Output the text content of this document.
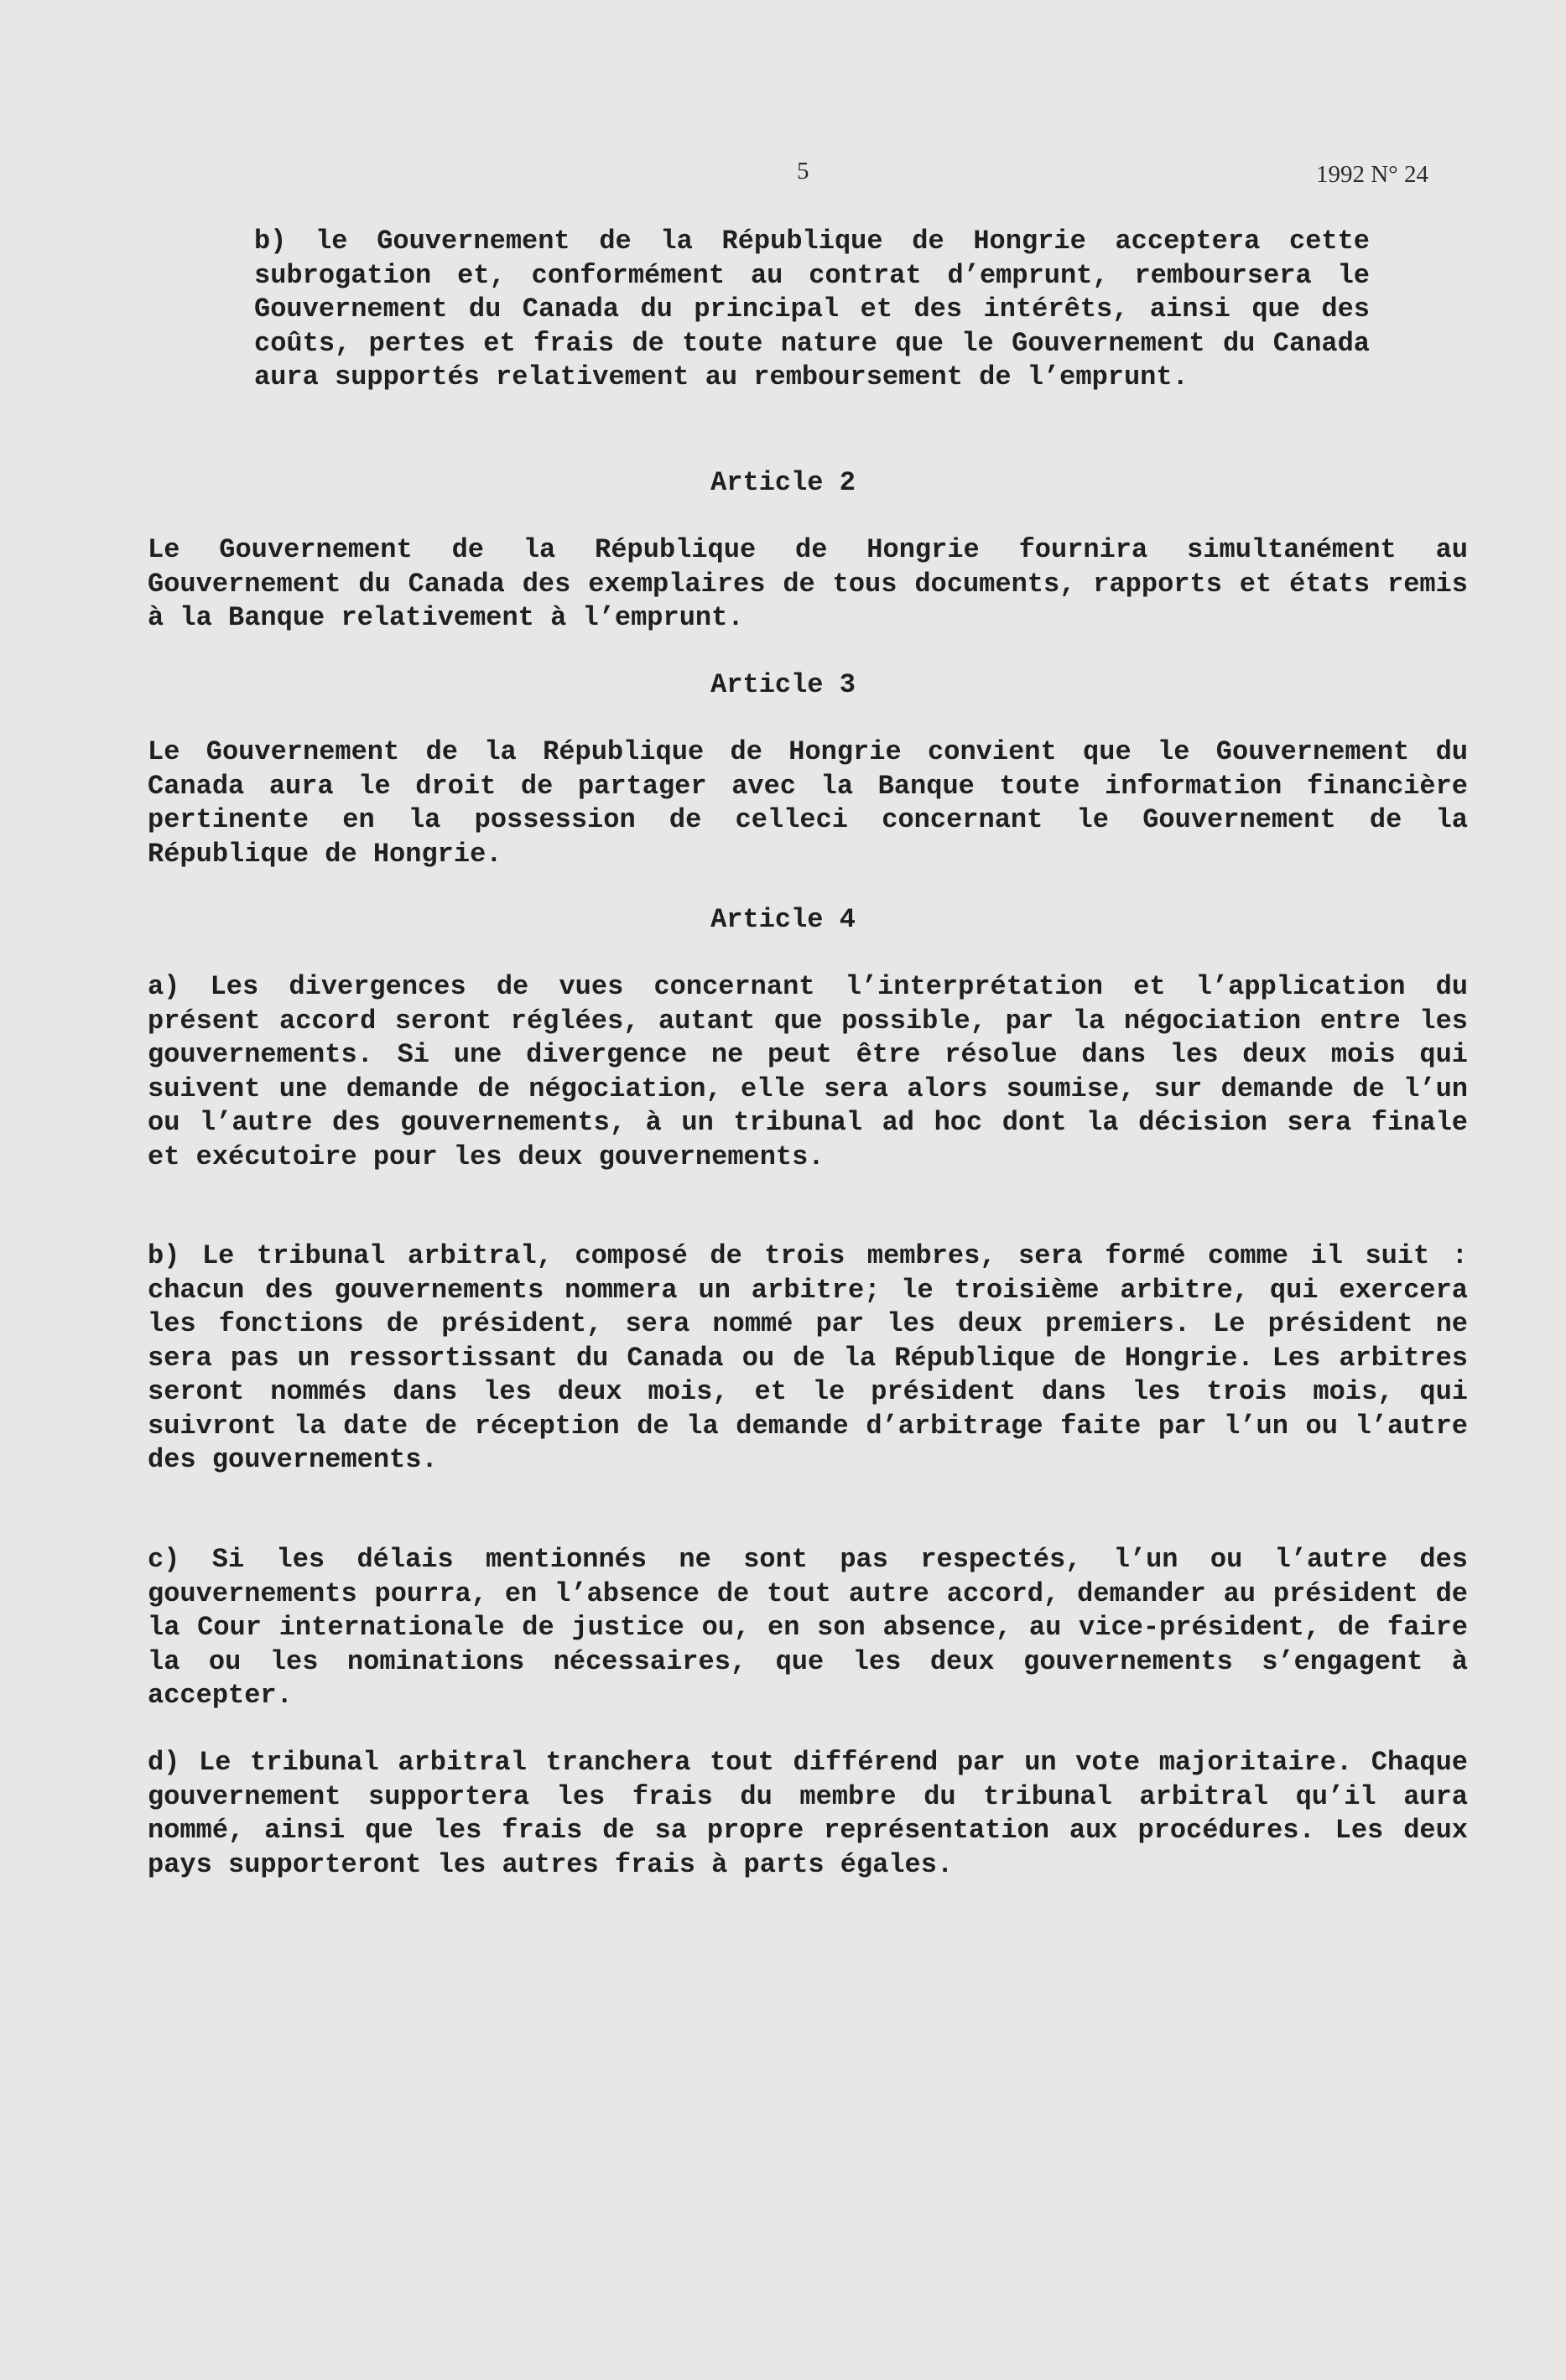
5	1992 N° 24

b) le Gouvernement de la République de Hongrie acceptera cette subrogation et, conformément au contrat d’emprunt, remboursera le Gouvernement du Canada du principal et des intérêts, ainsi que des coûts, pertes et frais de toute nature que le Gouvernement du Canada aura supportés relativement au remboursement de l’emprunt.

Article 2

Le Gouvernement de la République de Hongrie fournira simultanément au Gouvernement du Canada des exemplaires de tous documents, rapports et états remis à la Banque relativement à l’emprunt.

Article 3

Le Gouvernement de la République de Hongrie convient que le Gouvernement du Canada aura le droit de partager avec la Banque toute information financière pertinente en la possession de celleci concernant le Gouvernement de la République de Hongrie.

Article 4

a) Les divergences de vues concernant l’interprétation et l’application du présent accord seront réglées, autant que possible, par la négociation entre les gouvernements. Si une divergence ne peut être résolue dans les deux mois qui suivent une demande de négociation, elle sera alors soumise, sur demande de l’un ou l’autre des gouvernements, à un tribunal ad hoc dont la décision sera finale et exécutoire pour les deux gouvernements.

b) Le tribunal arbitral, composé de trois membres, sera formé comme il suit : chacun des gouvernements nommera un arbitre; le troisième arbitre, qui exercera les fonctions de président, sera nommé par les deux premiers. Le président ne sera pas un ressortissant du Canada ou de la République de Hongrie. Les arbitres seront nommés dans les deux mois, et le président dans les trois mois, qui suivront la date de réception de la demande d’arbitrage faite par l’un ou l’autre des gouvernements.

c) Si les délais mentionnés ne sont pas respectés, l’un ou l’autre des gouvernements pourra, en l’absence de tout autre accord, demander au président de la Cour internationale de justice ou, en son absence, au vice-président, de faire la ou les nominations nécessaires, que les deux gouvernements s’engagent à accepter.

d) Le tribunal arbitral tranchera tout différend par un vote majoritaire. Chaque gouvernement supportera les frais du membre du tribunal arbitral qu’il aura nommé, ainsi que les frais de sa propre représentation aux procédures. Les deux pays supporteront les autres frais à parts égales.
